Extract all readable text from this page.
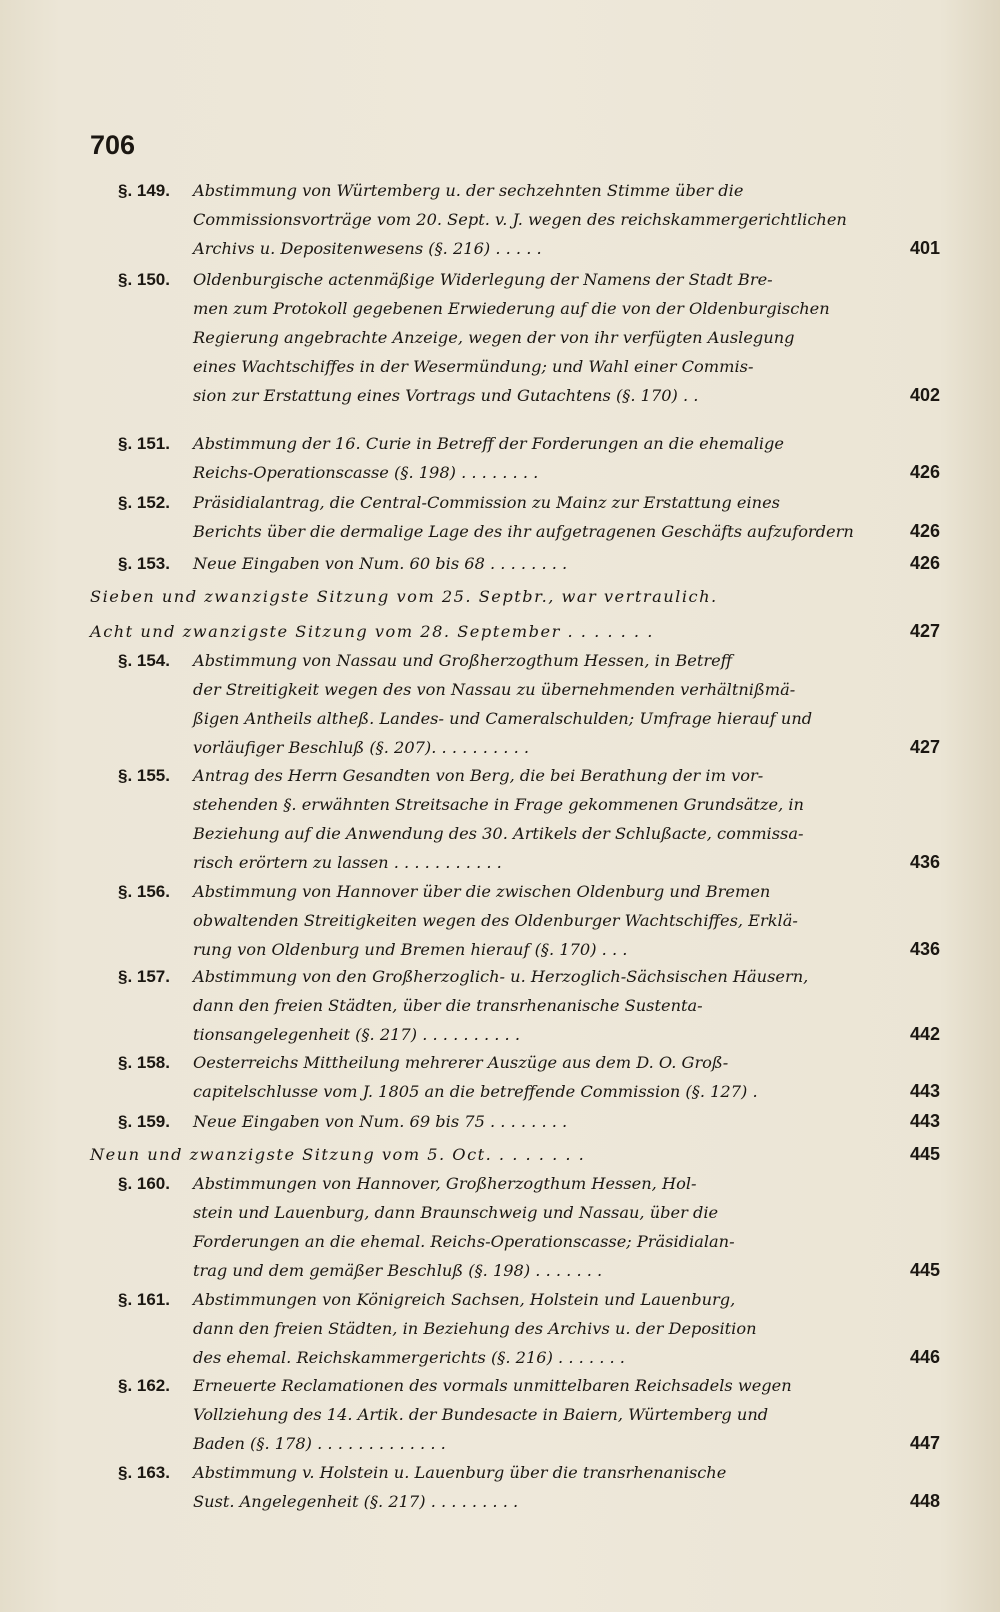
706
§. 149. Abstimmung von Würtemberg u. der sechzehnten Stimme über die
Commissionsvorträge vom 20. Sept. v. J. wegen des reichskammergerichtlichen
Archivs u. Depositenwesens (§. 216) . . . . .	401
§. 150. Oldenburgische actenmäßige Widerlegung der Namens der Stadt Bre-
men zum Protokoll gegebenen Erwiederung auf die von der Oldenburgischen
Regierung angebrachte Anzeige, wegen der von ihr verfügten Auslegung
eines Wachtschiffes in der Wesermündung; und Wahl einer Commis-
sion zur Erstattung eines Vortrags und Gutachtens (§. 170) . .	402
§. 151. Abstimmung der 16. Curie in Betreff der Forderungen an die ehemalige
Reichs-Operationscasse (§. 198) . . . . . . . .	426
§. 152. Präsidialantrag, die Central-Commission zu Mainz zur Erstattung eines
Berichts über die dermalige Lage des ihr aufgetragenen Geschäfts aufzufordern	426
§. 153. Neue Eingaben von Num. 60 bis 68 . . . . . . . .	426
Sieben und zwanzigste Sitzung vom 25. Septbr., war vertraulich.
Acht und zwanzigste Sitzung vom 28. September . . . . . . .	427
§. 154. Abstimmung von Nassau und Großherzogthum Hessen, in Betreff
der Streitigkeit wegen des von Nassau zu übernehmenden verhältnißmä-
ßigen Antheils altheß. Landes- und Cameralschulden; Umfrage hierauf und
vorläufiger Beschluß (§. 207). . . . . . . . . .	427
§. 155. Antrag des Herrn Gesandten von Berg, die bei Berathung der im vor-
stehenden §. erwähnten Streitsache in Frage gekommenen Grundsätze, in
Beziehung auf die Anwendung des 30. Artikels der Schlußacte, commissa-
risch erörtern zu lassen . . . . . . . . . . .	436
§. 156. Abstimmung von Hannover über die zwischen Oldenburg und Bremen
obwaltenden Streitigkeiten wegen des Oldenburger Wachtschiffes, Erklä-
rung von Oldenburg und Bremen hierauf (§. 170) . . .	436
§. 157. Abstimmung von den Großherzoglich- u. Herzoglich-Sächsischen Häusern,
dann den freien Städten, über die transrhenanische Sustenta-
tionsangelegenheit (§. 217) . . . . . . . . . .	442
§. 158. Oesterreichs Mittheilung mehrerer Auszüge aus dem D. O. Groß-
capitelschlusse vom J. 1805 an die betreffende Commission (§. 127) .	443
§. 159. Neue Eingaben von Num. 69 bis 75 . . . . . . . .	443
Neun und zwanzigste Sitzung vom 5. Oct. . . . . . . .	445
§. 160. Abstimmungen von Hannover, Großherzogthum Hessen, Hol-
stein und Lauenburg, dann Braunschweig und Nassau, über die
Forderungen an die ehemal. Reichs-Operationscasse; Präsidialan-
trag und dem gemäßer Beschluß (§. 198) . . . . . . .	445
§. 161. Abstimmungen von Königreich Sachsen, Holstein und Lauenburg,
dann den freien Städten, in Beziehung des Archivs u. der Deposition
des ehemal. Reichskammergerichts (§. 216) . . . . . . .	446
§. 162. Erneuerte Reclamationen des vormals unmittelbaren Reichsadels wegen
Vollziehung des 14. Artik. der Bundesacte in Baiern, Würtemberg und
Baden (§. 178) . . . . . . . . . . . . .	447
§. 163. Abstimmung v. Holstein u. Lauenburg über die transrhenanische
Sust. Angelegenheit (§. 217) . . . . . . . . .	448
